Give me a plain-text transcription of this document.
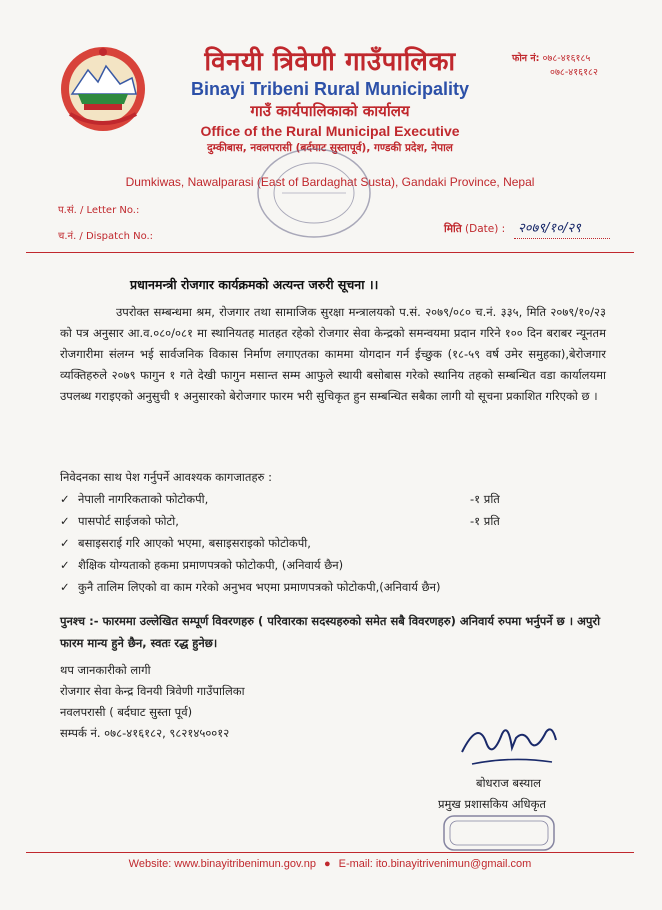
फोन नं: ०७८-४१६१८५
०७८-४१६१८२
विनयी त्रिवेणी गाउँपालिका
Binayi Tribeni Rural Municipality
गाउँ कार्यपालिकाको कार्यालय
Office of the Rural Municipal Executive
दुम्कीबास, नवलपरासी (बर्दघाट सुस्तापूर्व), गण्डकी प्रदेश, नेपाल
Dumkiwas, Nawalparasi (East of Bardaghat Susta), Gandaki Province, Nepal
प.सं. / Letter No.:
च.नं. / Dispatch No.:
मिति (Date) : २०७९/१०/२९
प्रधानमन्त्री रोजगार कार्यक्रमको अत्यन्त जरुरी सूचना ।।
उपरोक्त सम्बन्धमा श्रम, रोजगार तथा सामाजिक सुरक्षा मन्त्रालयको प.सं. २०७९/०८० च.नं. ३३५, मिति २०७९/१०/२३ को पत्र अनुसार आ.व.०८०/०८१ मा स्थानियतह मातहत रहेको रोजगार सेवा केन्द्रको समन्वयमा प्रदान गरिने १०० दिन बराबर न्यूनतम रोजगारीमा संलग्न भई सार्वजनिक विकास निर्माण लगाएतका काममा योगदान गर्न ईच्छुक (१८-५९ वर्ष उमेर समुहका),बेरोजगार व्यक्तिहरुले २०७९ फागुन १ गते देखी फागुन मसान्त सम्म आफुले स्थायी बसोबास गरेको स्थानिय तहको सम्बन्धित वडा कार्यालयमा उपलब्ध गराइएको अनुसुची १ अनुसारको बेरोजगार फारम भरी सुचिकृत हुन सम्बन्धित सबैका लागी यो सूचना प्रकाशित गरिएको छ ।
निवेदनका साथ पेश गर्नुपर्ने आवश्यक कागजातहरु :
✓ नेपाली नागरिकताको फोटोकपी,	-१ प्रति
✓ पासपोर्ट साईजको फोटो,	-१ प्रति
✓ बसाइसराई गरि आएको भएमा, बसाइसराइको फोटोकपी,
✓ शैक्षिक योग्यताको हकमा प्रमाणपत्रको फोटोकपी, (अनिवार्य छैन)
✓ कुनै तालिम लिएको वा काम गरेको अनुभव भएमा प्रमाणपत्रको फोटोकपी,(अनिवार्य छैन)
पुनश्च :- फारममा उल्लेखित सम्पूर्ण विवरणहरु ( परिवारका सदस्यहरुको समेत सबै विवरणहरु) अनिवार्य रुपमा भर्नुपर्ने छ । अपुरो फारम मान्य हुने छैन, स्वतः रद्ध हुनेछ।
थप जानकारीको लागी
रोजगार सेवा केन्द्र विनयी त्रिवेणी गाउँपालिका
नवलपरासी ( बर्दघाट सुस्ता पूर्व)
सम्पर्क नं. ०७८-४१६१८२, ९८२१४५००१२
बोधराज बस्याल
प्रमुख प्रशासकिय अधिकृत
Website: www.binayitribenimun.gov.np ● E-mail: ito.binayitrivenimun@gmail.com
